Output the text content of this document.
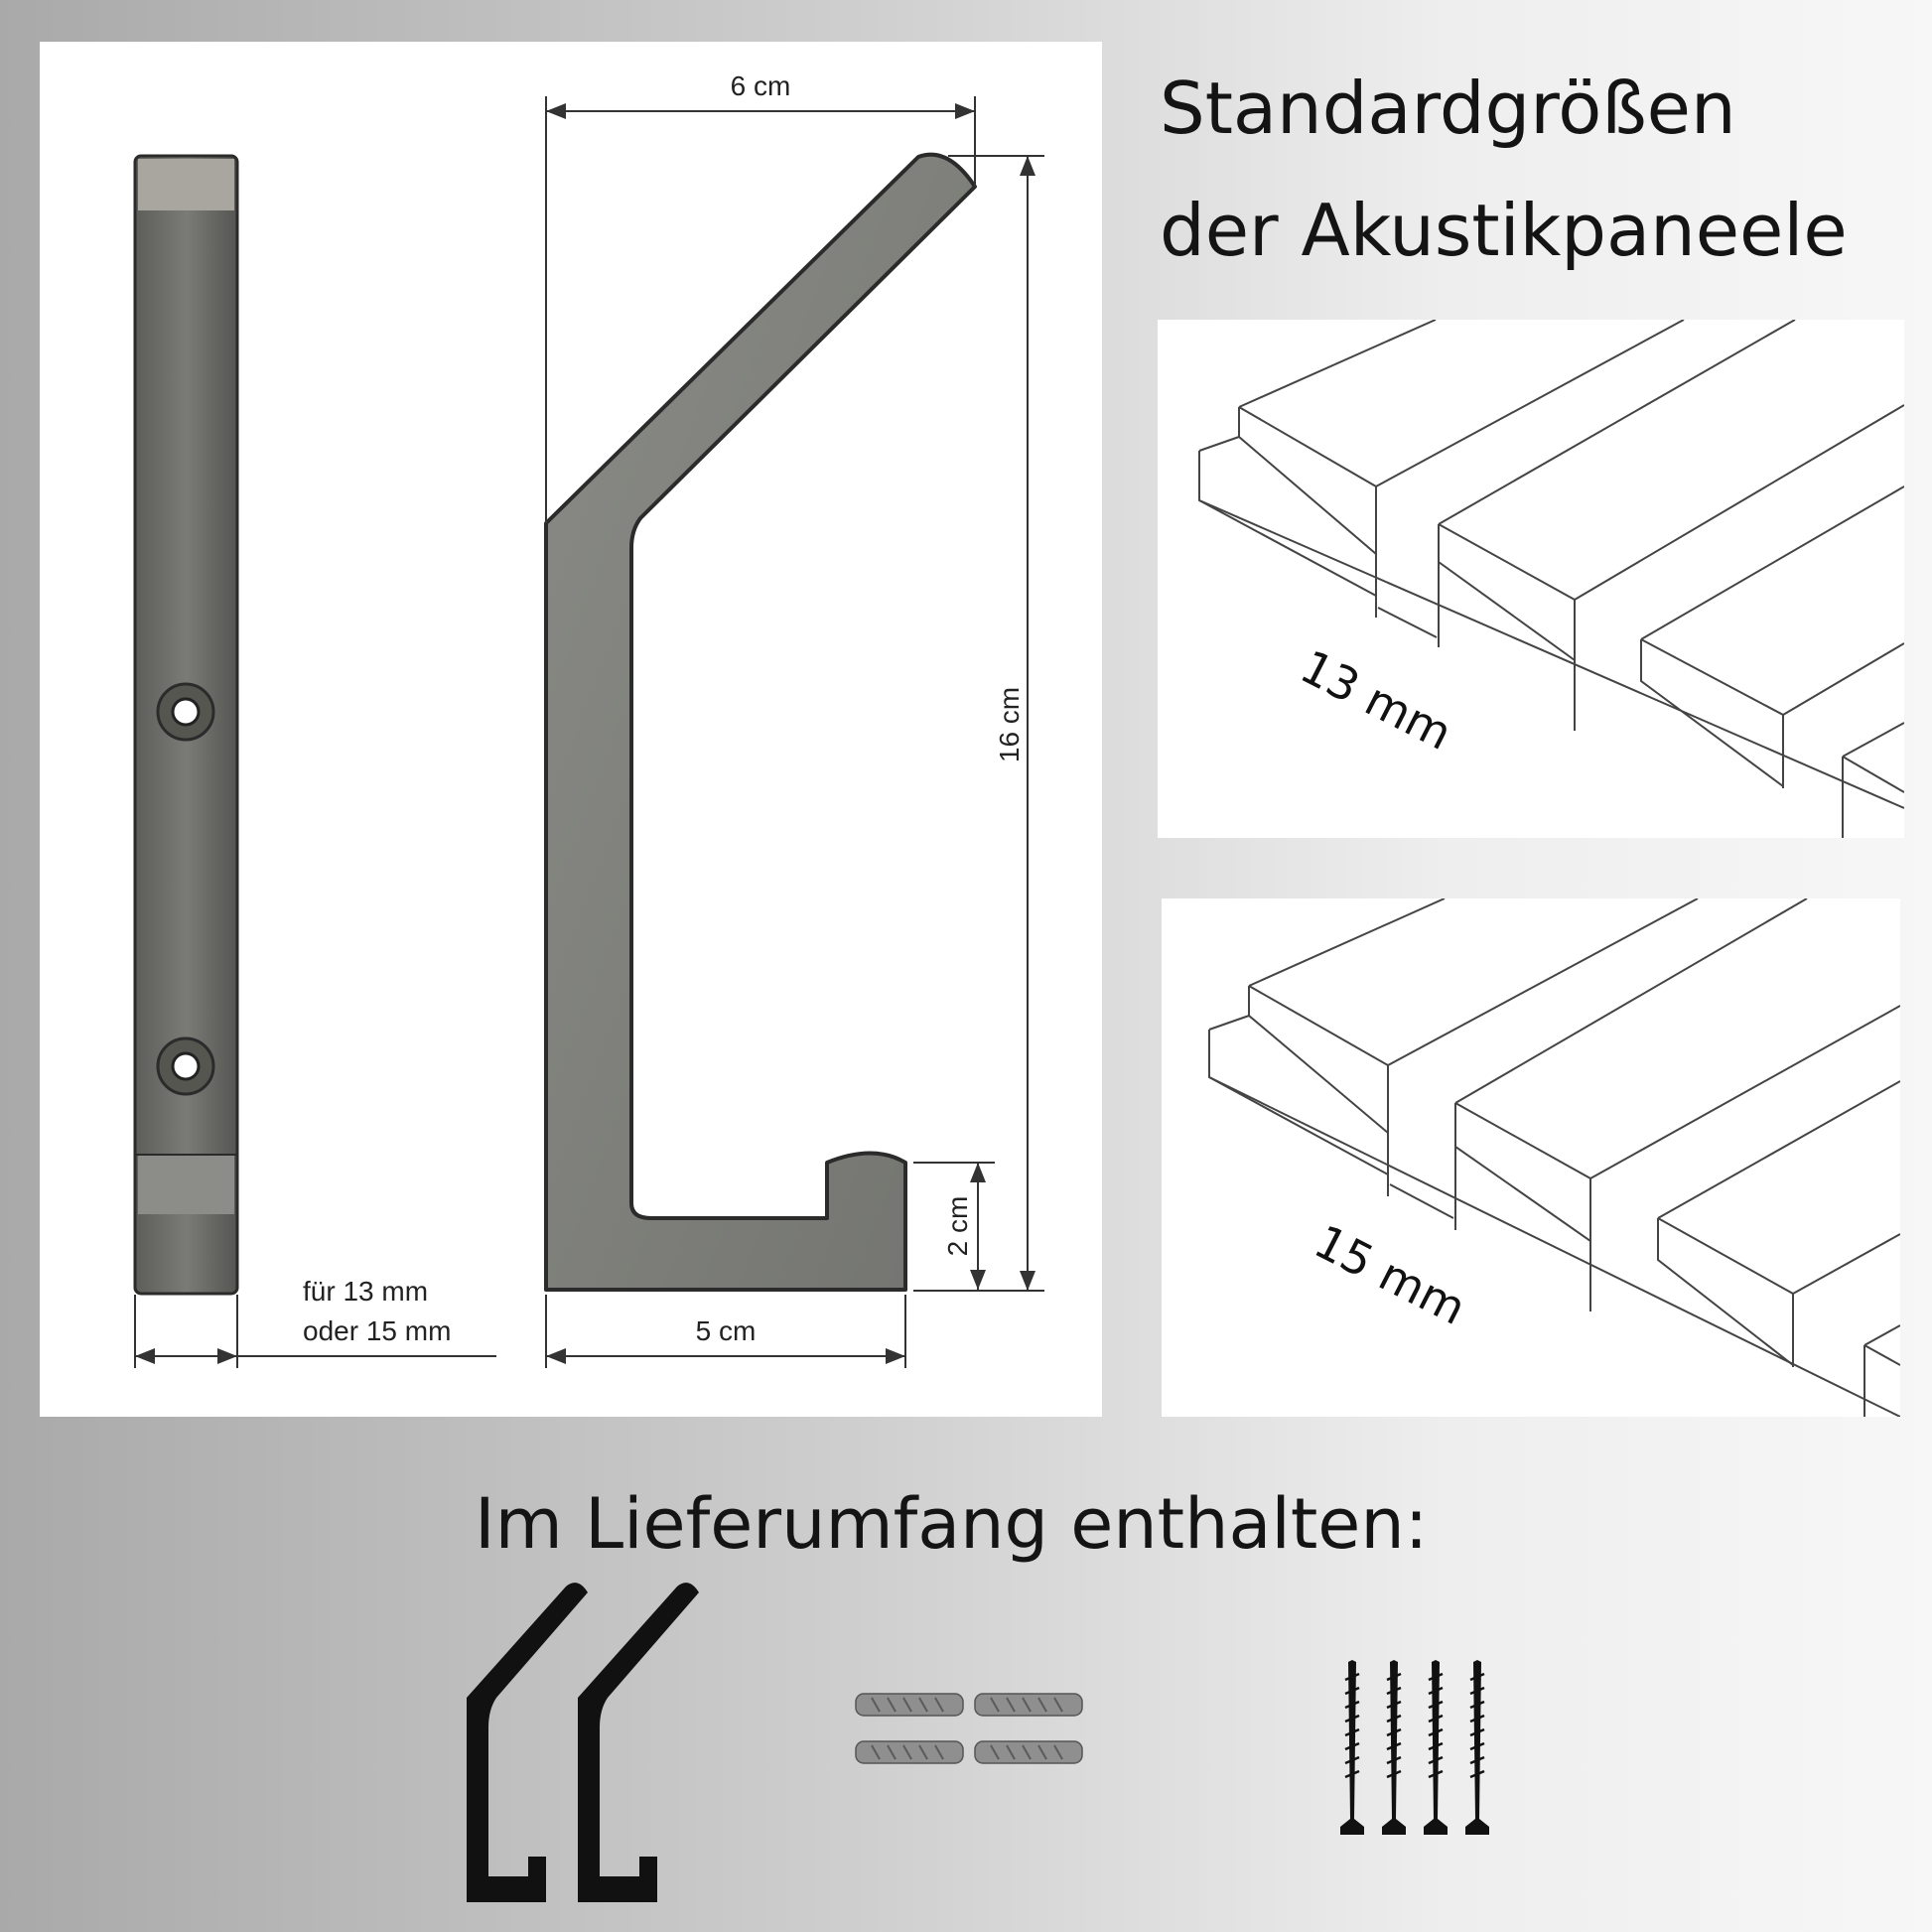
6 cm
16 cm
2 cm
5 cm
für 13 mm
oder 15 mm
Standardgrößen
der Akustikpaneele
13 mm
15 mm
Im Lieferumfang enthalten:
